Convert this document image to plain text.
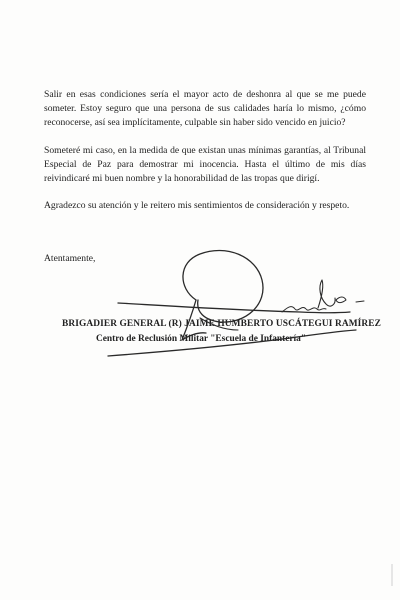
Salir en esas condiciones sería el mayor acto de deshonra al que se me puede someter. Estoy seguro que una persona de sus calidades haría lo mismo, ¿cómo reconocerse, así sea implícitamente, culpable sin haber sido vencido en juicio?

Someteré mi caso, en la medida de que existan unas mínimas garantías, al Tribunal Especial de Paz para demostrar mi inocencia. Hasta el último de mis días reivindicaré mi buen nombre y la honorabilidad de las tropas que dirigí.

Agradezco su atención y le reitero mis sentimientos de consideración y respeto.

Atentamente,
BRIGADIER GENERAL (R) JAIME HUMBERTO USCÁTEGUI RAMÍREZ
Centro de Reclusión Militar "Escuela de Infantería"
